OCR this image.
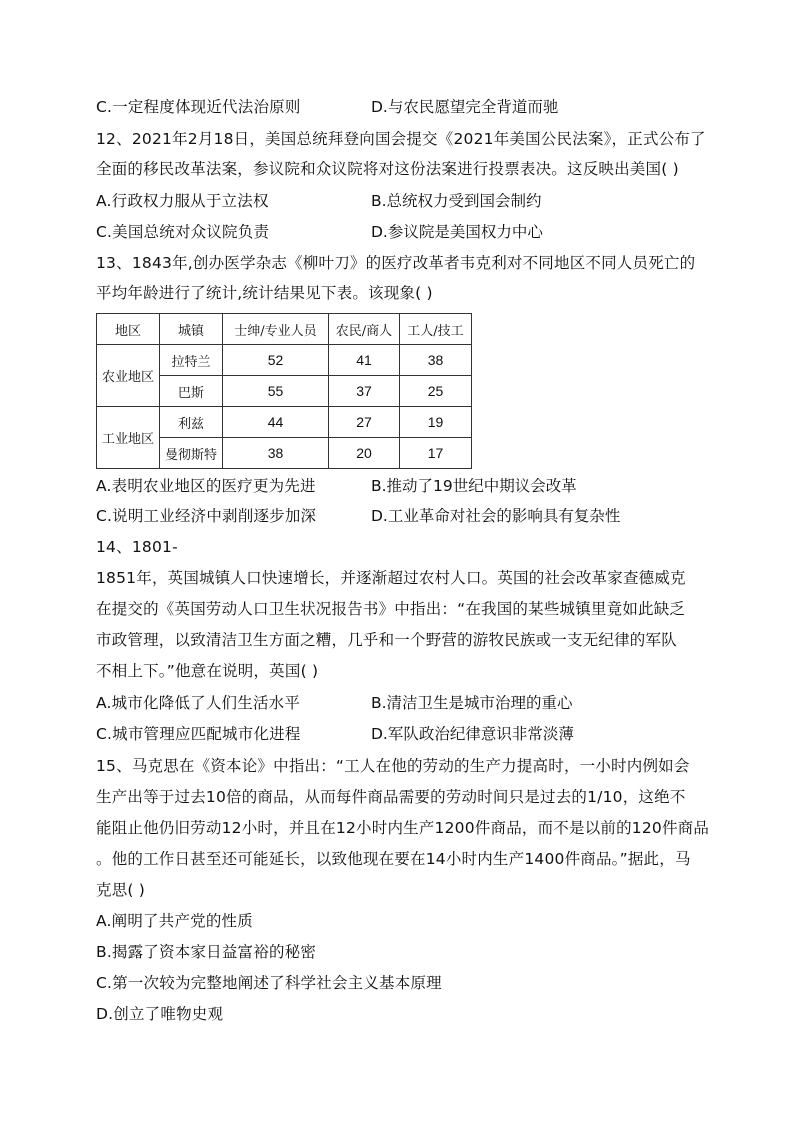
C.一定程度体现近代法治原则	D.与农民愿望完全背道而驰
12、2021年2月18日，美国总统拜登向国会提交《2021年美国公民法案》，正式公布了
全面的移民改革法案，参议院和众议院将对这份法案进行投票表决。这反映出美国( )
A.行政权力服从于立法权	B.总统权力受到国会制约
C.美国总统对众议院负责	D.参议院是美国权力中心
13、1843年,创办医学杂志《柳叶刀》的医疗改革者韦克利对不同地区不同人员死亡的
平均年龄进行了统计,统计结果见下表。该现象( )
地区	城镇	士绅/专业人员	农民/商人	工人/技工
农业地区	拉特兰	52	41	38
	巴斯	55	37	25
工业地区	利兹	44	27	19
	曼彻斯特	38	20	17
A.表明农业地区的医疗更为先进	B.推动了19世纪中期议会改革
C.说明工业经济中剥削逐步加深	D.工业革命对社会的影响具有复杂性
14、1801-
1851年，英国城镇人口快速增长，并逐渐超过农村人口。英国的社会改革家查德威克
在提交的《英国劳动人口卫生状况报告书》中指出：“在我国的某些城镇里竟如此缺乏
市政管理，以致清洁卫生方面之糟，几乎和一个野营的游牧民族或一支无纪律的军队
不相上下。”他意在说明，英国( )
A.城市化降低了人们生活水平	B.清洁卫生是城市治理的重心
C.城市管理应匹配城市化进程	D.军队政治纪律意识非常淡薄
15、马克思在《资本论》中指出：“工人在他的劳动的生产力提高时，一小时内例如会
生产出等于过去10倍的商品，从而每件商品需要的劳动时间只是过去的1/10，这绝不
能阻止他仍旧劳动12小时，并且在12小时内生产1200件商品，而不是以前的120件商品
。他的工作日甚至还可能延长，以致他现在要在14小时内生产1400件商品。”据此，马
克思( )
A.阐明了共产党的性质
B.揭露了资本家日益富裕的秘密
C.第一次较为完整地阐述了科学社会主义基本原理
D.创立了唯物史观
